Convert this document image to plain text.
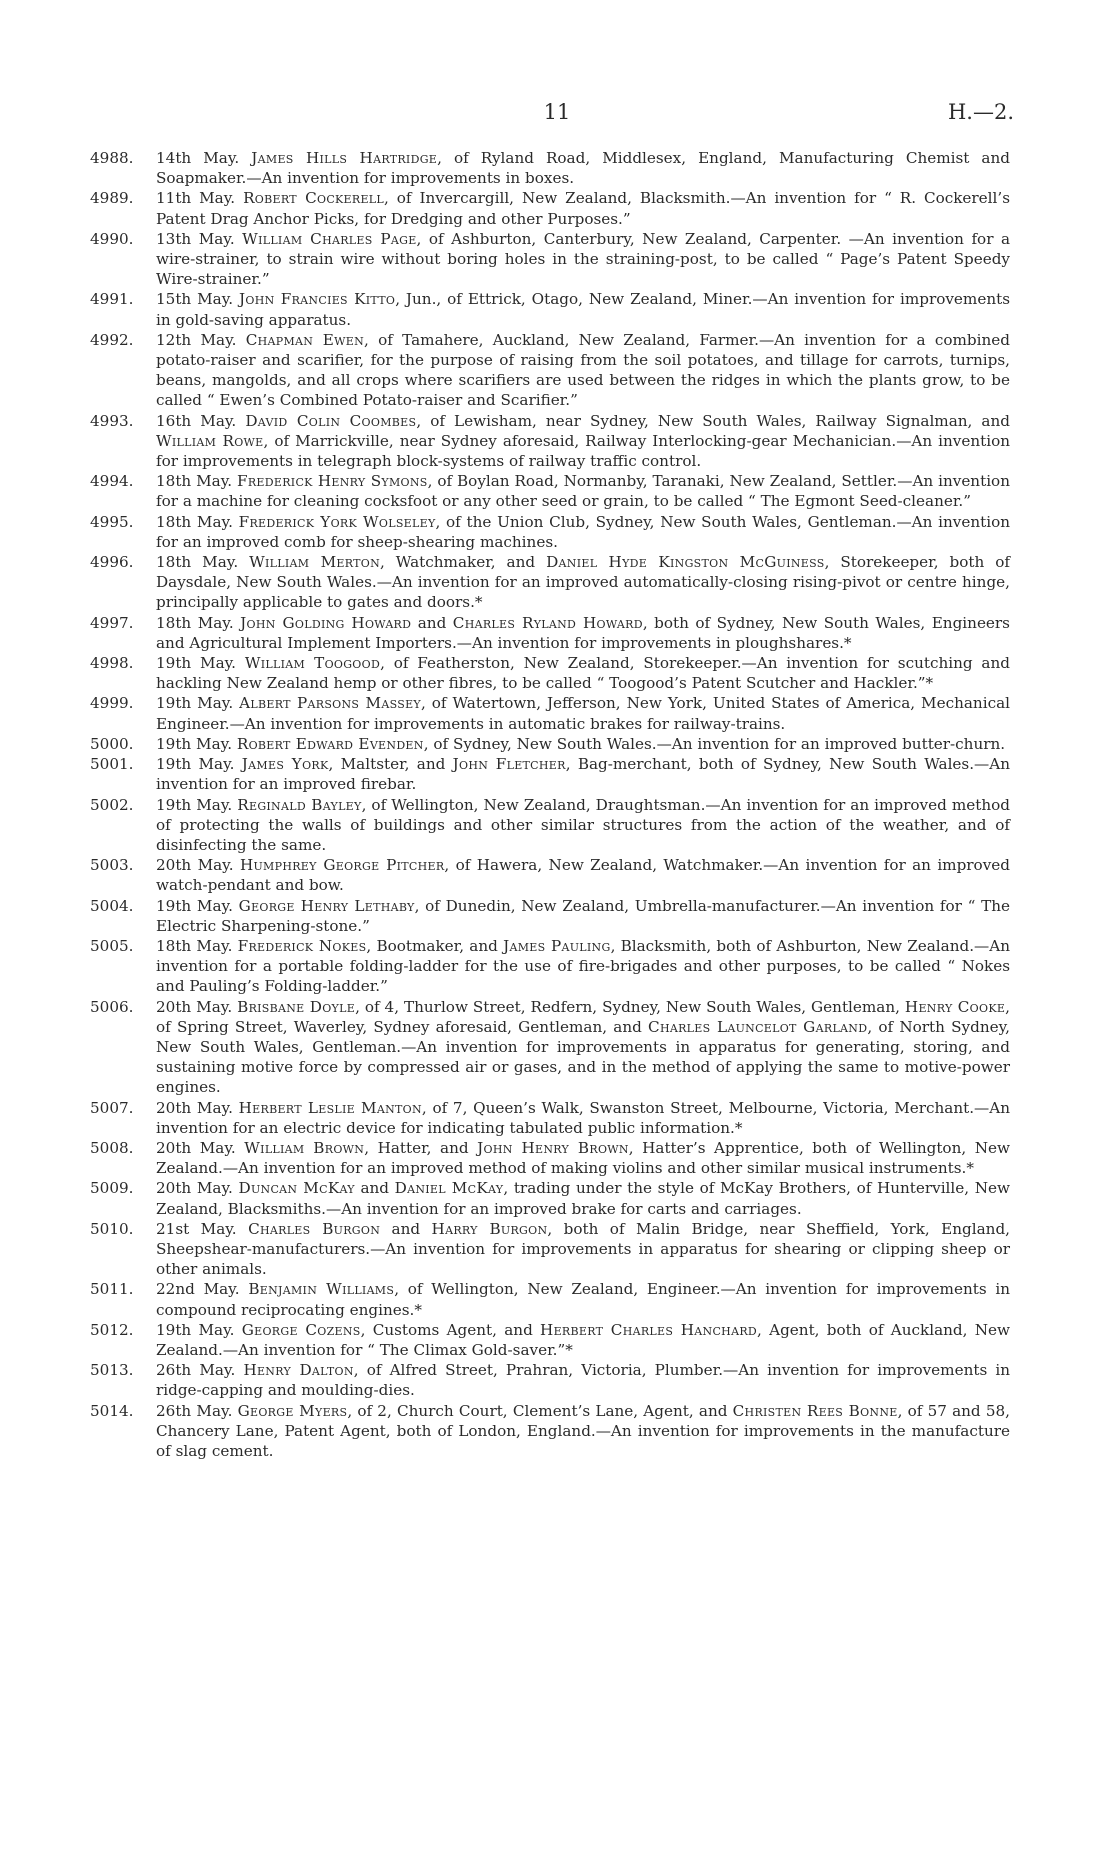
11	H.—2.
4988.	14th May. James Hills Hartridge, of Ryland Road, Middlesex, England, Manufacturing Chemist and Soapmaker.—An invention for improvements in boxes.
4989.	11th May. Robert Cockerell, of Invercargill, New Zealand, Blacksmith.—An invention for “ R. Cockerell’s Patent Drag Anchor Picks, for Dredging and other Purposes.”
4990.	13th May. William Charles Page, of Ashburton, Canterbury, New Zealand, Carpenter. —An invention for a wire-strainer, to strain wire without boring holes in the straining-post, to be called “ Page’s Patent Speedy Wire-strainer.”
4991.	15th May. John Francies Kitto, Jun., of Ettrick, Otago, New Zealand, Miner.—An invention for improvements in gold-saving apparatus.
4992.	12th May. Chapman Ewen, of Tamahere, Auckland, New Zealand, Farmer.—An invention for a combined potato-raiser and scarifier, for the purpose of raising from the soil potatoes, and tillage for carrots, turnips, beans, mangolds, and all crops where scarifiers are used between the ridges in which the plants grow, to be called “ Ewen’s Combined Potato-raiser and Scarifier.”
4993.	16th May. David Colin Coombes, of Lewisham, near Sydney, New South Wales, Railway Signalman, and William Rowe, of Marrickville, near Sydney aforesaid, Railway Interlocking-gear Mechanician.—An invention for improvements in telegraph block-systems of railway traffic control.
4994.	18th May. Frederick Henry Symons, of Boylan Road, Normanby, Taranaki, New Zealand, Settler.—An invention for a machine for cleaning cocksfoot or any other seed or grain, to be called “ The Egmont Seed-cleaner.”
4995.	18th May. Frederick York Wolseley, of the Union Club, Sydney, New South Wales, Gentleman.—An invention for an improved comb for sheep-shearing machines.
4996.	18th May. William Merton, Watchmaker, and Daniel Hyde Kingston McGuiness, Storekeeper, both of Daysdale, New South Wales.—An invention for an improved automatically-closing rising-pivot or centre hinge, principally applicable to gates and doors.*
4997.	18th May. John Golding Howard and Charles Ryland Howard, both of Sydney, New South Wales, Engineers and Agricultural Implement Importers.—An invention for improvements in ploughshares.*
4998.	19th May. William Toogood, of Featherston, New Zealand, Storekeeper.—An invention for scutching and hackling New Zealand hemp or other fibres, to be called “ Toogood’s Patent Scutcher and Hackler.”*
4999.	19th May. Albert Parsons Massey, of Watertown, Jefferson, New York, United States of America, Mechanical Engineer.—An invention for improvements in automatic brakes for railway-trains.
5000.	19th May. Robert Edward Evenden, of Sydney, New South Wales.—An invention for an improved butter-churn.
5001.	19th May. James York, Maltster, and John Fletcher, Bag-merchant, both of Sydney, New South Wales.—An invention for an improved firebar.
5002.	19th May. Reginald Bayley, of Wellington, New Zealand, Draughtsman.—An invention for an improved method of protecting the walls of buildings and other similar structures from the action of the weather, and of disinfecting the same.
5003.	20th May. Humphrey George Pitcher, of Hawera, New Zealand, Watchmaker.—An invention for an improved watch-pendant and bow.
5004.	19th May. George Henry Lethaby, of Dunedin, New Zealand, Umbrella-manufacturer.—An invention for “ The Electric Sharpening-stone.”
5005.	18th May. Frederick Nokes, Bootmaker, and James Pauling, Blacksmith, both of Ashburton, New Zealand.—An invention for a portable folding-ladder for the use of fire-brigades and other purposes, to be called “ Nokes and Pauling’s Folding-ladder.”
5006.	20th May. Brisbane Doyle, of 4, Thurlow Street, Redfern, Sydney, New South Wales, Gentleman, Henry Cooke, of Spring Street, Waverley, Sydney aforesaid, Gentleman, and Charles Launcelot Garland, of North Sydney, New South Wales, Gentleman.—An invention for improvements in apparatus for generating, storing, and sustaining motive force by compressed air or gases, and in the method of applying the same to motive-power engines.
5007.	20th May. Herbert Leslie Manton, of 7, Queen’s Walk, Swanston Street, Melbourne, Victoria, Merchant.—An invention for an electric device for indicating tabulated public information.*
5008.	20th May. William Brown, Hatter, and John Henry Brown, Hatter’s Apprentice, both of Wellington, New Zealand.—An invention for an improved method of making violins and other similar musical instruments.*
5009.	20th May. Duncan McKay and Daniel McKay, trading under the style of McKay Brothers, of Hunterville, New Zealand, Blacksmiths.—An invention for an improved brake for carts and carriages.
5010.	21st May. Charles Burgon and Harry Burgon, both of Malin Bridge, near Sheffield, York, England, Sheepshear-manufacturers.—An invention for improvements in apparatus for shearing or clipping sheep or other animals.
5011.	22nd May. Benjamin Williams, of Wellington, New Zealand, Engineer.—An invention for improvements in compound reciprocating engines.*
5012.	19th May. George Cozens, Customs Agent, and Herbert Charles Hanchard, Agent, both of Auckland, New Zealand.—An invention for “ The Climax Gold-saver.”*
5013.	26th May. Henry Dalton, of Alfred Street, Prahran, Victoria, Plumber.—An invention for improvements in ridge-capping and moulding-dies.
5014.	26th May. George Myers, of 2, Church Court, Clement’s Lane, Agent, and Christen Rees Bonne, of 57 and 58, Chancery Lane, Patent Agent, both of London, England.—An invention for improvements in the manufacture of slag cement.
